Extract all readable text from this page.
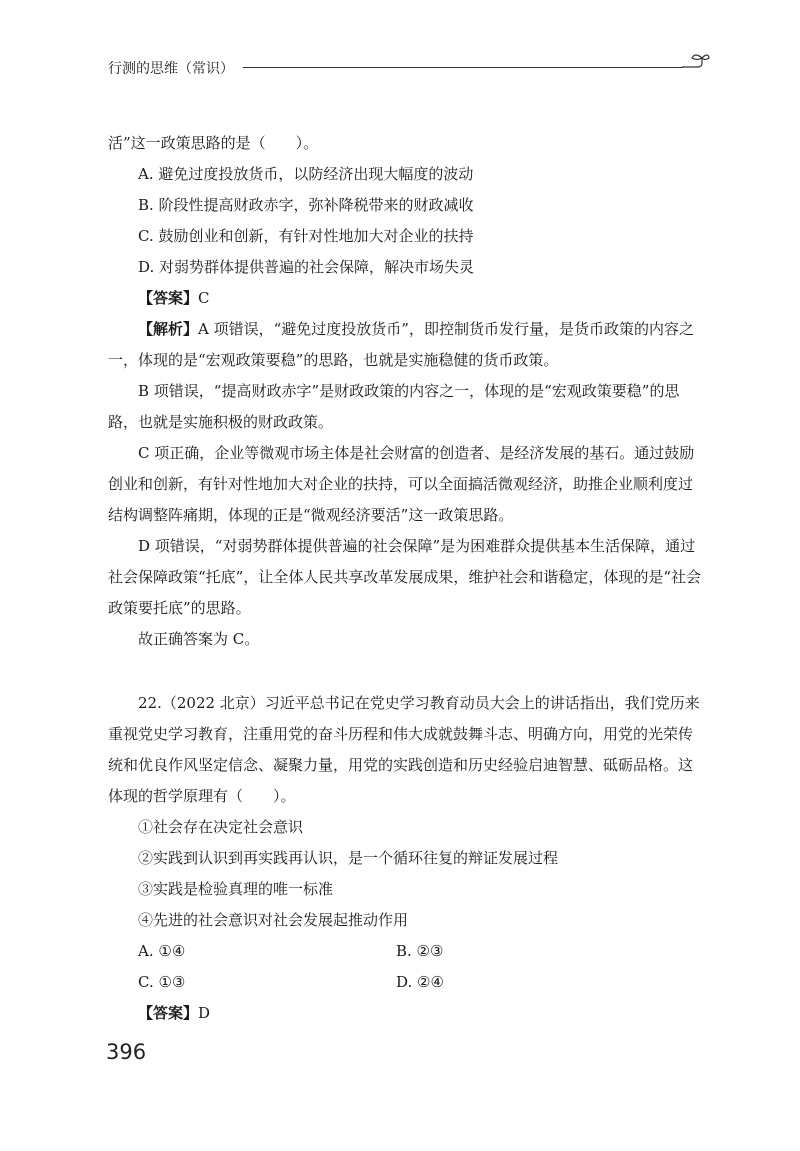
行测的思维（常识）

活”这一政策思路的是（　　）。

A. 避免过度投放货币，以防经济出现大幅度的波动

B. 阶段性提高财政赤字，弥补降税带来的财政减收

C. 鼓励创业和创新，有针对性地加大对企业的扶持

D. 对弱势群体提供普遍的社会保障，解决市场失灵

【答案】C

【解析】A 项错误，“避免过度投放货币”，即控制货币发行量，是货币政策的内容之一，体现的是“宏观政策要稳”的思路，也就是实施稳健的货币政策。

B 项错误，“提高财政赤字”是财政政策的内容之一，体现的是“宏观政策要稳”的思路，也就是实施积极的财政政策。

C 项正确，企业等微观市场主体是社会财富的创造者、是经济发展的基石。通过鼓励创业和创新，有针对性地加大对企业的扶持，可以全面搞活微观经济，助推企业顺利度过结构调整阵痛期，体现的正是“微观经济要活”这一政策思路。

D 项错误，“对弱势群体提供普遍的社会保障”是为困难群众提供基本生活保障，通过社会保障政策“托底”，让全体人民共享改革发展成果，维护社会和谐稳定，体现的是“社会政策要托底”的思路。

故正确答案为 C。

22.（2022 北京）习近平总书记在党史学习教育动员大会上的讲话指出，我们党历来重视党史学习教育，注重用党的奋斗历程和伟大成就鼓舞斗志、明确方向，用党的光荣传统和优良作风坚定信念、凝聚力量，用党的实践创造和历史经验启迪智慧、砥砺品格。这体现的哲学原理有（　　）。

①社会存在决定社会意识

②实践到认识到再实践再认识，是一个循环往复的辩证发展过程

③实践是检验真理的唯一标准

④先进的社会意识对社会发展起推动作用

A. ①④	B. ②③
C. ①③	D. ②④

【答案】D

396
